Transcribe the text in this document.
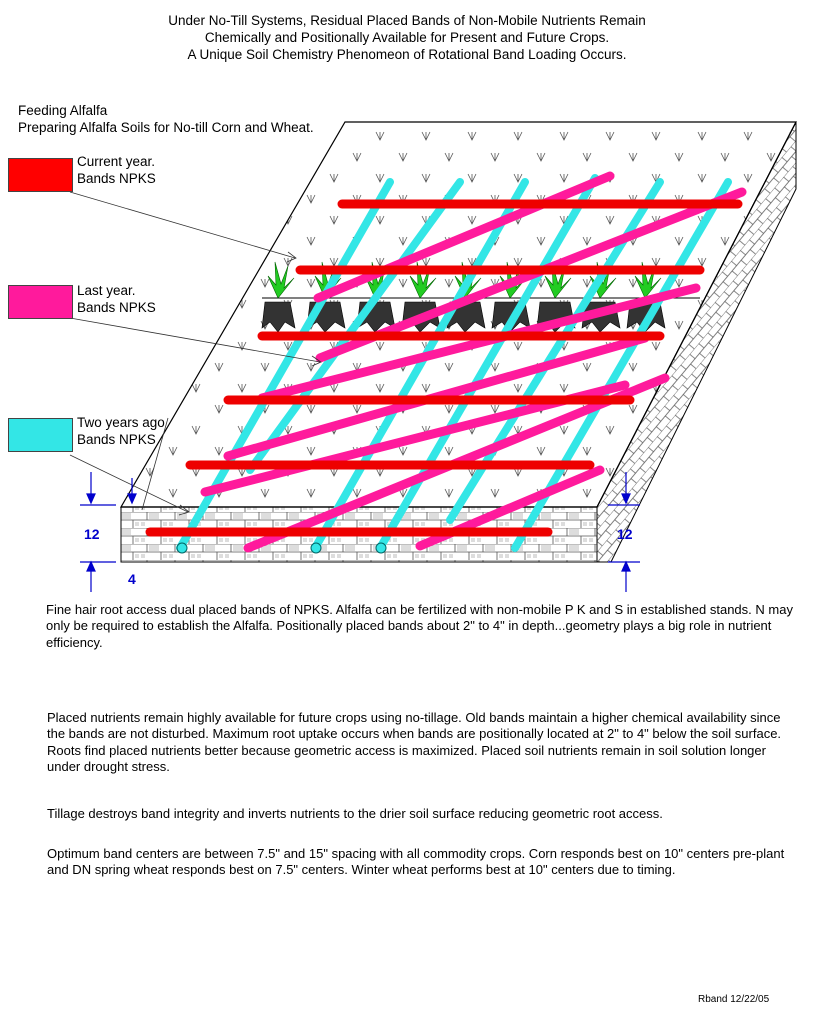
Under No-Till Systems, Residual Placed Bands of Non-Mobile Nutrients Remain
Chemically and Positionally Available for Present and Future Crops.
A Unique Soil Chemistry Phenomeon of Rotational Band Loading Occurs.
Feeding Alfalfa
Preparing Alfalfa Soils for No-till Corn and Wheat.
12	12
4
Current year.
Bands NPKS
Last year.
Bands NPKS
Two years ago
Bands NPKS
Fine hair root access dual placed bands of NPKS. Alfalfa can be fertilized with non-mobile P K and S in established stands. N may only be required to establish the Alfalfa. Positionally placed bands about 2" to 4" in depth...geometry plays a big role in nutrient efficiency.
Placed nutrients remain highly available for future crops using no-tillage. Old bands maintain a higher chemical availability since the bands are not disturbed. Maximum root uptake occurs when bands are positionally located at 2" to 4" below the soil surface. Roots find placed nutrients better because geometric access is maximized. Placed soil nutrients remain in soil solution longer under drought stress.
Tillage destroys band integrity and inverts nutrients to the drier soil surface reducing geometric root access.
Optimum band centers are between 7.5" and 15" spacing with all commodity crops. Corn responds best on 10" centers pre-plant and DN spring wheat responds best on 7.5" centers. Winter wheat performs best at 10" centers due to timing.
Rband 12/22/05
